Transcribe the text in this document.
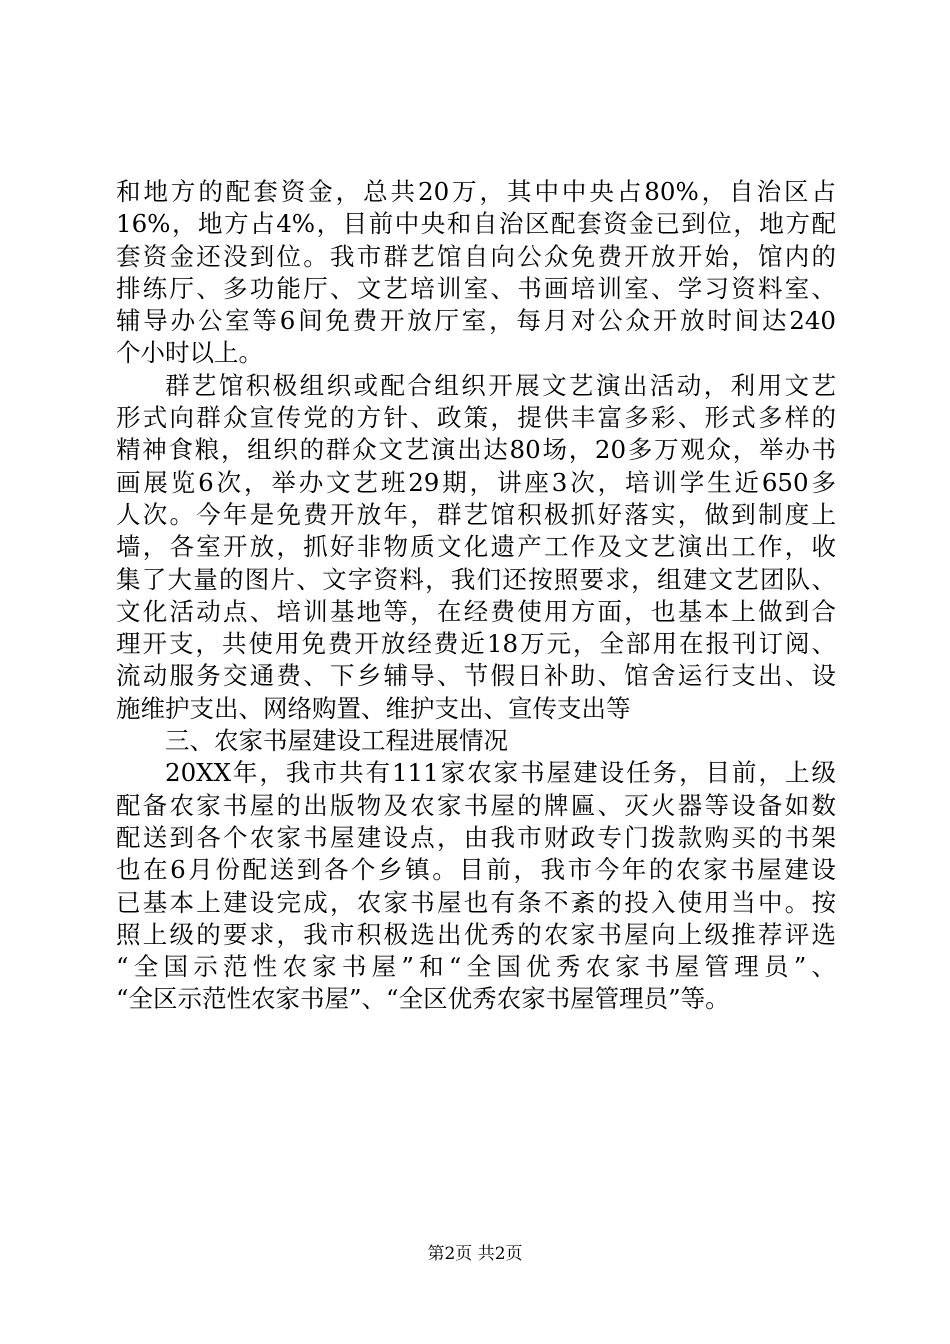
和地方的配套资金，总共20万，其中中央占80%，自治区占
16%，地方占4%，目前中央和自治区配套资金已到位，地方配
套资金还没到位。我市群艺馆自向公众免费开放开始，馆内的
排练厅、多功能厅、文艺培训室、书画培训室、学习资料室、
辅导办公室等6间免费开放厅室，每月对公众开放时间达240
个小时以上。
群艺馆积极组织或配合组织开展文艺演出活动，利用文艺
形式向群众宣传党的方针、政策，提供丰富多彩、形式多样的
精神食粮，组织的群众文艺演出达80场，20多万观众，举办书
画展览6次，举办文艺班29期，讲座3次，培训学生近650多
人次。今年是免费开放年，群艺馆积极抓好落实，做到制度上
墙，各室开放，抓好非物质文化遗产工作及文艺演出工作，收
集了大量的图片、文字资料，我们还按照要求，组建文艺团队、
文化活动点、培训基地等，在经费使用方面，也基本上做到合
理开支，共使用免费开放经费近18万元，全部用在报刊订阅、
流动服务交通费、下乡辅导、节假日补助、馆舍运行支出、设
施维护支出、网络购置、维护支出、宣传支出等
三、农家书屋建设工程进展情况
20XX年，我市共有111家农家书屋建设任务，目前，上级
配备农家书屋的出版物及农家书屋的牌匾、灭火器等设备如数
配送到各个农家书屋建设点，由我市财政专门拨款购买的书架
也在6月份配送到各个乡镇。目前，我市今年的农家书屋建设
已基本上建设完成，农家书屋也有条不紊的投入使用当中。按
照上级的要求，我市积极选出优秀的农家书屋向上级推荐评选
“全国示范性农家书屋”和“全国优秀农家书屋管理员”、
“全区示范性农家书屋”、“全区优秀农家书屋管理员”等。
第2页 共2页
